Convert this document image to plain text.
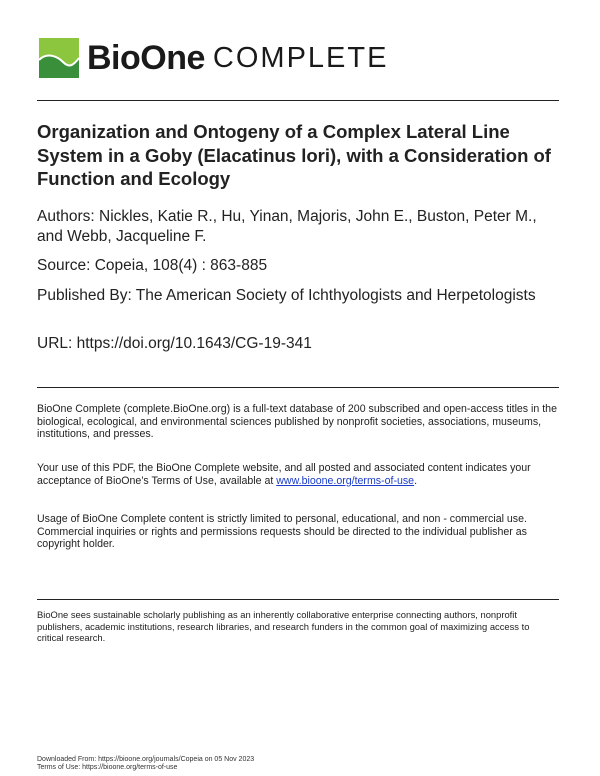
BioOne COMPLETE
Organization and Ontogeny of a Complex Lateral Line System in a Goby (Elacatinus lori), with a Consideration of Function and Ecology

Authors: Nickles, Katie R., Hu, Yinan, Majoris, John E., Buston, Peter M., and Webb, Jacqueline F.

Source: Copeia, 108(4) : 863-885

Published By: The American Society of Ichthyologists and Herpetologists

URL: https://doi.org/10.1643/CG-19-341

BioOne Complete (complete.BioOne.org) is a full-text database of 200 subscribed and open-access titles in the biological, ecological, and environmental sciences published by nonprofit societies, associations, museums, institutions, and presses.

Your use of this PDF, the BioOne Complete website, and all posted and associated content indicates your acceptance of BioOne’s Terms of Use, available at www.bioone.org/terms-of-use.

Usage of BioOne Complete content is strictly limited to personal, educational, and non - commercial use. Commercial inquiries or rights and permissions requests should be directed to the individual publisher as copyright holder.

BioOne sees sustainable scholarly publishing as an inherently collaborative enterprise connecting authors, nonprofit publishers, academic institutions, research libraries, and research funders in the common goal of maximizing access to critical research.

Downloaded From: https://bioone.org/journals/Copeia on 05 Nov 2023

Terms of Use: https://bioone.org/terms-of-use
